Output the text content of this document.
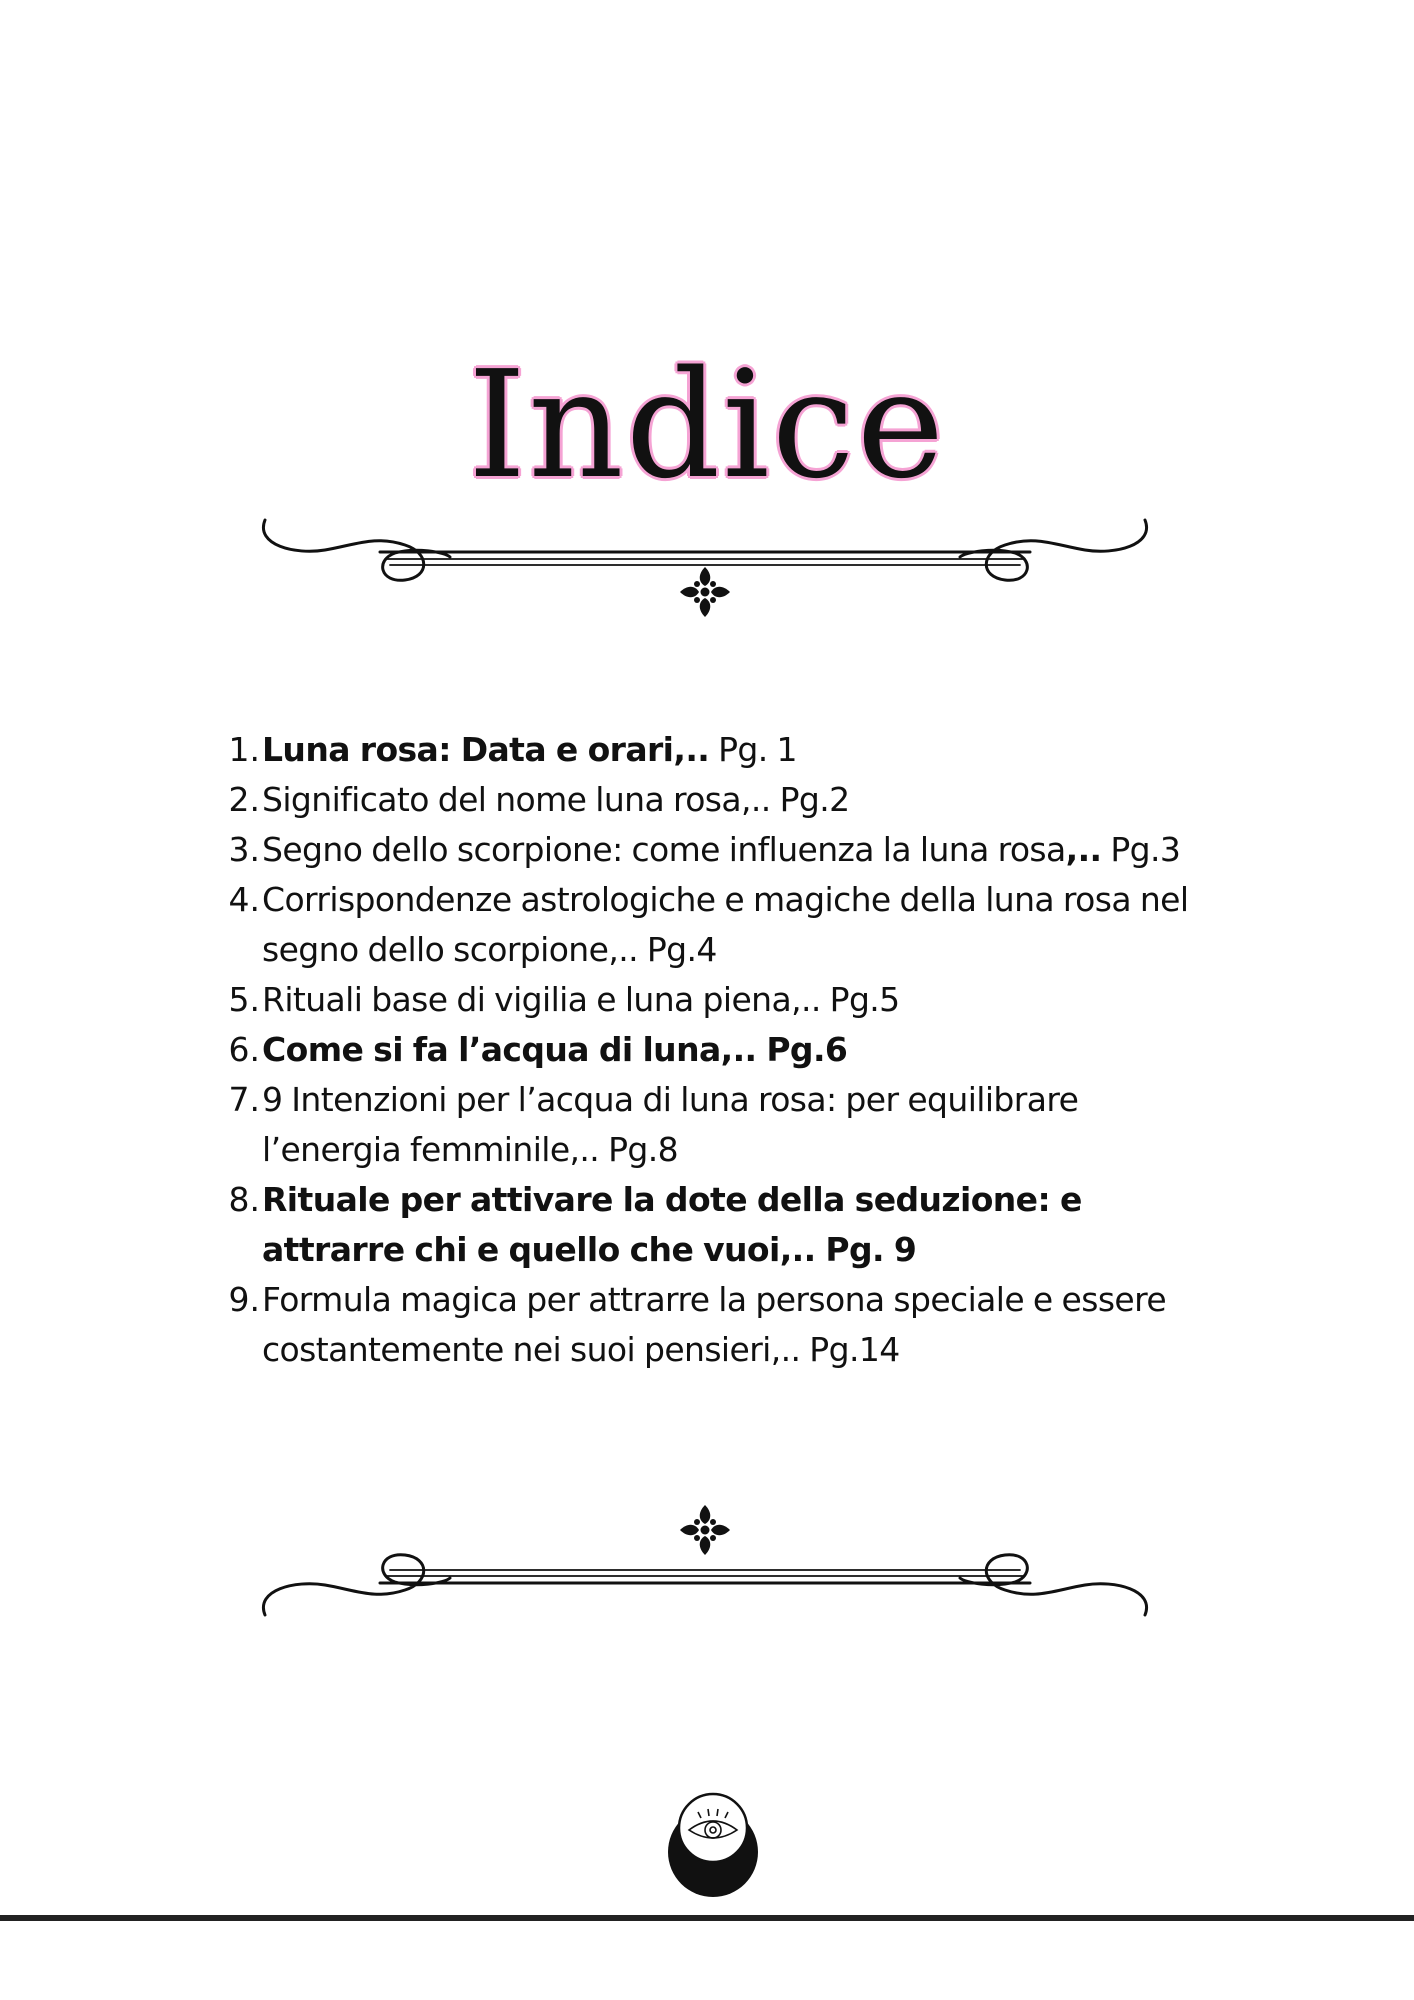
Indice
1. Luna rosa: Data e orari,.. Pg. 1
2. Significato del nome luna rosa,.. Pg.2
3. Segno dello scorpione: come influenza la luna rosa,.. Pg.3
4. Corrispondenze astrologiche e magiche della luna rosa nel segno dello scorpione,.. Pg.4
5. Rituali base di vigilia e luna piena,.. Pg.5
6. Come si fa l’acqua di luna,.. Pg.6
7. 9 Intenzioni per l’acqua di luna rosa: per equilibrare l’energia femminile,.. Pg.8
8. Rituale per attivare la dote della seduzione: e attrarre chi e quello che vuoi,.. Pg. 9
9. Formula magica per attrarre la persona speciale e essere costantemente nei suoi pensieri,.. Pg.14
